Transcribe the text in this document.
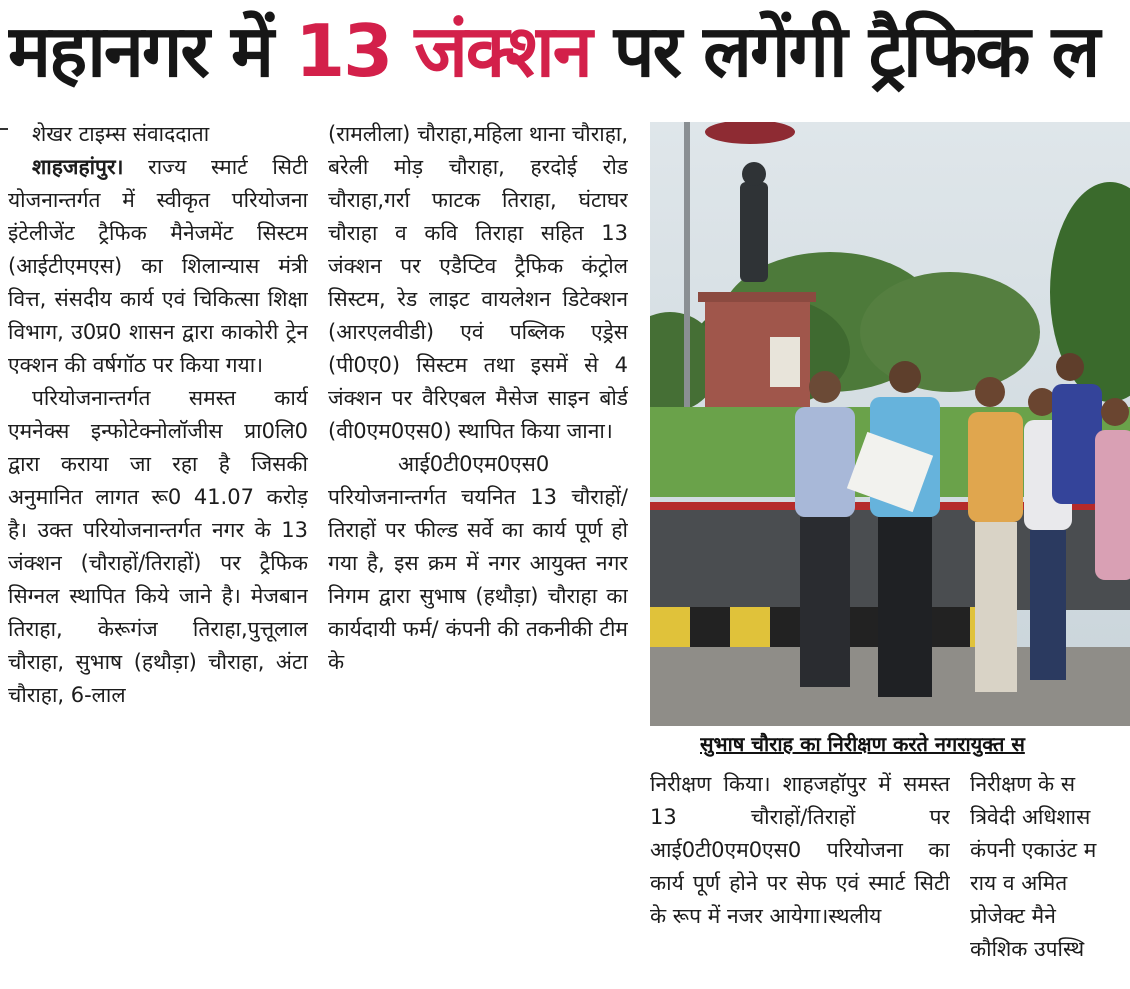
महानगर में 13 जंक्शन पर लगेंगी ट्रैफिक ल

शेखर टाइम्स संवाददाता

शाहजहांपुर। राज्य स्मार्ट सिटी योजनान्तर्गत में स्वीकृत परियोजना इंटेलीजेंट ट्रैफिक मैनेजमेंट सिस्टम (आईटीएमएस) का शिलान्यास मंत्री वित्त, संसदीय कार्य एवं चिकित्सा शिक्षा विभाग, उ0प्र0 शासन द्वारा काकोरी ट्रेन एक्शन की वर्षगॉठ पर किया गया।

परियोजनान्तर्गत समस्त कार्य एमनेक्स इन्फोटेक्नोलॉजीस प्रा0लि0 द्वारा कराया जा रहा है जिसकी अनुमानित लागत रू0 41.07 करोड़ है। उक्त परियोजनान्तर्गत नगर के 13 जंक्शन (चौराहों/तिराहों) पर ट्रैफिक सिग्नल स्थापित किये जाने है। मेजबान तिराहा, केरूगंज तिराहा,पुत्तूलाल चौराहा, सुभाष (हथौड़ा) चौराहा, अंटा चौराहा, 6-लाल

(रामलीला) चौराहा,महिला थाना चौराहा, बरेली मोड़ चौराहा, हरदोई रोड चौराहा,गर्रा फाटक तिराहा, घंटाघर चौराहा व कवि तिराहा सहित 13 जंक्शन पर एडैप्टिव ट्रैफिक कंट्रोल सिस्टम, रेड लाइट वायलेशन डिटेक्शन (आरएलवीडी) एवं पब्लिक एड्रेस (पी0ए0) सिस्टम तथा इसमें से 4 जंक्शन पर वैरिएबल मैसेज साइन बोर्ड (वी0एम0एस0) स्थापित किया जाना।

आई0टी0एम0एस0 परियोजनान्तर्गत चयनित 13 चौराहों/तिराहों पर फील्ड सर्वे का कार्य पूर्ण हो गया है, इस क्रम में नगर आयुक्त नगर निगम द्वारा सुभाष (हथौड़ा) चौराहा का कार्यदायी फर्म/ कंपनी की तकनीकी टीम के

सुभाष चौराह का निरीक्षण करते नगरायुक्त स

निरीक्षण किया। शाहजहॉपुर में समस्त 13 चौराहों/तिराहों पर आई0टी0एम0एस0 परियोजना का कार्य पूर्ण होने पर सेफ एवं स्मार्ट सिटी के रूप में नजर आयेगा।स्थलीय

निरीक्षण के स
त्रिवेदी अधिशास
कंपनी एकाउंट म
राय व अमित
प्रोजेक्ट मैने
कौशिक उपस्थि
